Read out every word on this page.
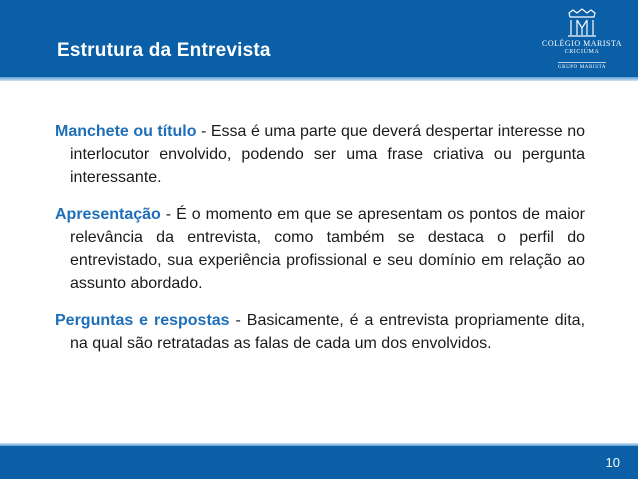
Estrutura da Entrevista	COLÉGIO MARISTA
CRICIÚMA
GRUPO MARISTA

Manchete ou título - Essa é uma parte que deverá despertar interesse no interlocutor envolvido, podendo ser uma frase criativa ou pergunta interessante.

Apresentação - É o momento em que se apresentam os pontos de maior relevância da entrevista, como também se destaca o perfil do entrevistado, sua experiência profissional e seu domínio em relação ao assunto abordado.

Perguntas e respostas - Basicamente, é a entrevista propriamente dita, na qual são retratadas as falas de cada um dos envolvidos.

10
